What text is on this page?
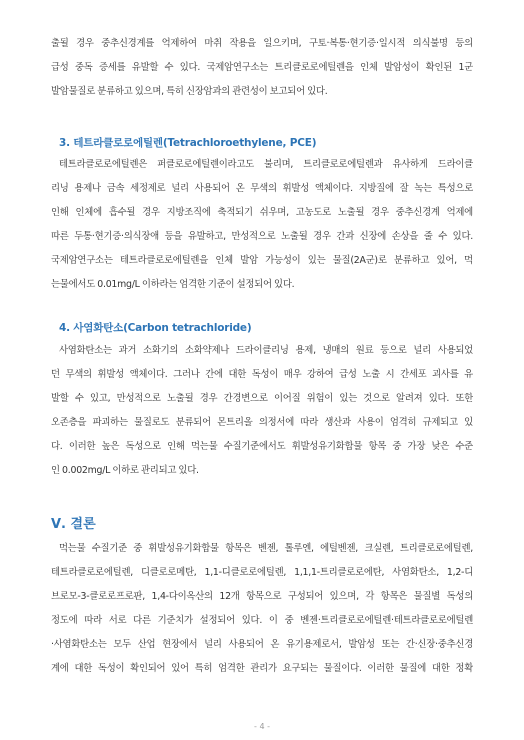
출될 경우 중추신경계를 억제하여 마취 작용을 일으키며, 구토·복통·현기증·일시적 의식불명 등의
급성 중독 증세를 유발할 수 있다. 국제암연구소는 트리클로로에틸렌을 인체 발암성이 확인된 1군
발암물질로 분류하고 있으며, 특히 신장암과의 관련성이 보고되어 있다.
3. 테트라클로로에틸렌(Tetrachloroethylene, PCE)
테트라클로로에틸렌은 퍼클로로에틸렌이라고도 불리며, 트리클로로에틸렌과 유사하게 드라이클
리닝 용제나 금속 세정제로 널리 사용되어 온 무색의 휘발성 액체이다. 지방질에 잘 녹는 특성으로
인해 인체에 흡수될 경우 지방조직에 축적되기 쉬우며, 고농도로 노출될 경우 중추신경계 억제에
따른 두통·현기증·의식장애 등을 유발하고, 만성적으로 노출될 경우 간과 신장에 손상을 줄 수 있다.
국제암연구소는 테트라클로로에틸렌을 인체 발암 가능성이 있는 물질(2A군)로 분류하고 있어, 먹
는물에서도 0.01mg/L 이하라는 엄격한 기준이 설정되어 있다.
4. 사염화탄소(Carbon tetrachloride)
사염화탄소는 과거 소화기의 소화약제나 드라이클리닝 용제, 냉매의 원료 등으로 널리 사용되었
던 무색의 휘발성 액체이다. 그러나 간에 대한 독성이 매우 강하여 급성 노출 시 간세포 괴사를 유
발할 수 있고, 만성적으로 노출될 경우 간경변으로 이어질 위험이 있는 것으로 알려져 있다. 또한
오존층을 파괴하는 물질로도 분류되어 몬트리올 의정서에 따라 생산과 사용이 엄격히 규제되고 있
다. 이러한 높은 독성으로 인해 먹는물 수질기준에서도 휘발성유기화합물 항목 중 가장 낮은 수준
인 0.002mg/L 이하로 관리되고 있다.
Ⅴ. 결론
먹는물 수질기준 중 휘발성유기화합물 항목은 벤젠, 톨루엔, 에틸벤젠, 크실렌, 트리클로로에틸렌,
테트라클로로에틸렌, 디클로로메탄, 1,1-디클로로에틸렌, 1,1,1-트리클로로에탄, 사염화탄소, 1,2-디
브로모-3-클로로프로판, 1,4-다이옥산의 12개 항목으로 구성되어 있으며, 각 항목은 물질별 독성의
정도에 따라 서로 다른 기준치가 설정되어 있다. 이 중 벤젠·트리클로로에틸렌·테트라클로로에틸렌
·사염화탄소는 모두 산업 현장에서 널리 사용되어 온 유기용제로서, 발암성 또는 간·신장·중추신경
계에 대한 독성이 확인되어 있어 특히 엄격한 관리가 요구되는 물질이다. 이러한 물질에 대한 정확
- 4 -
